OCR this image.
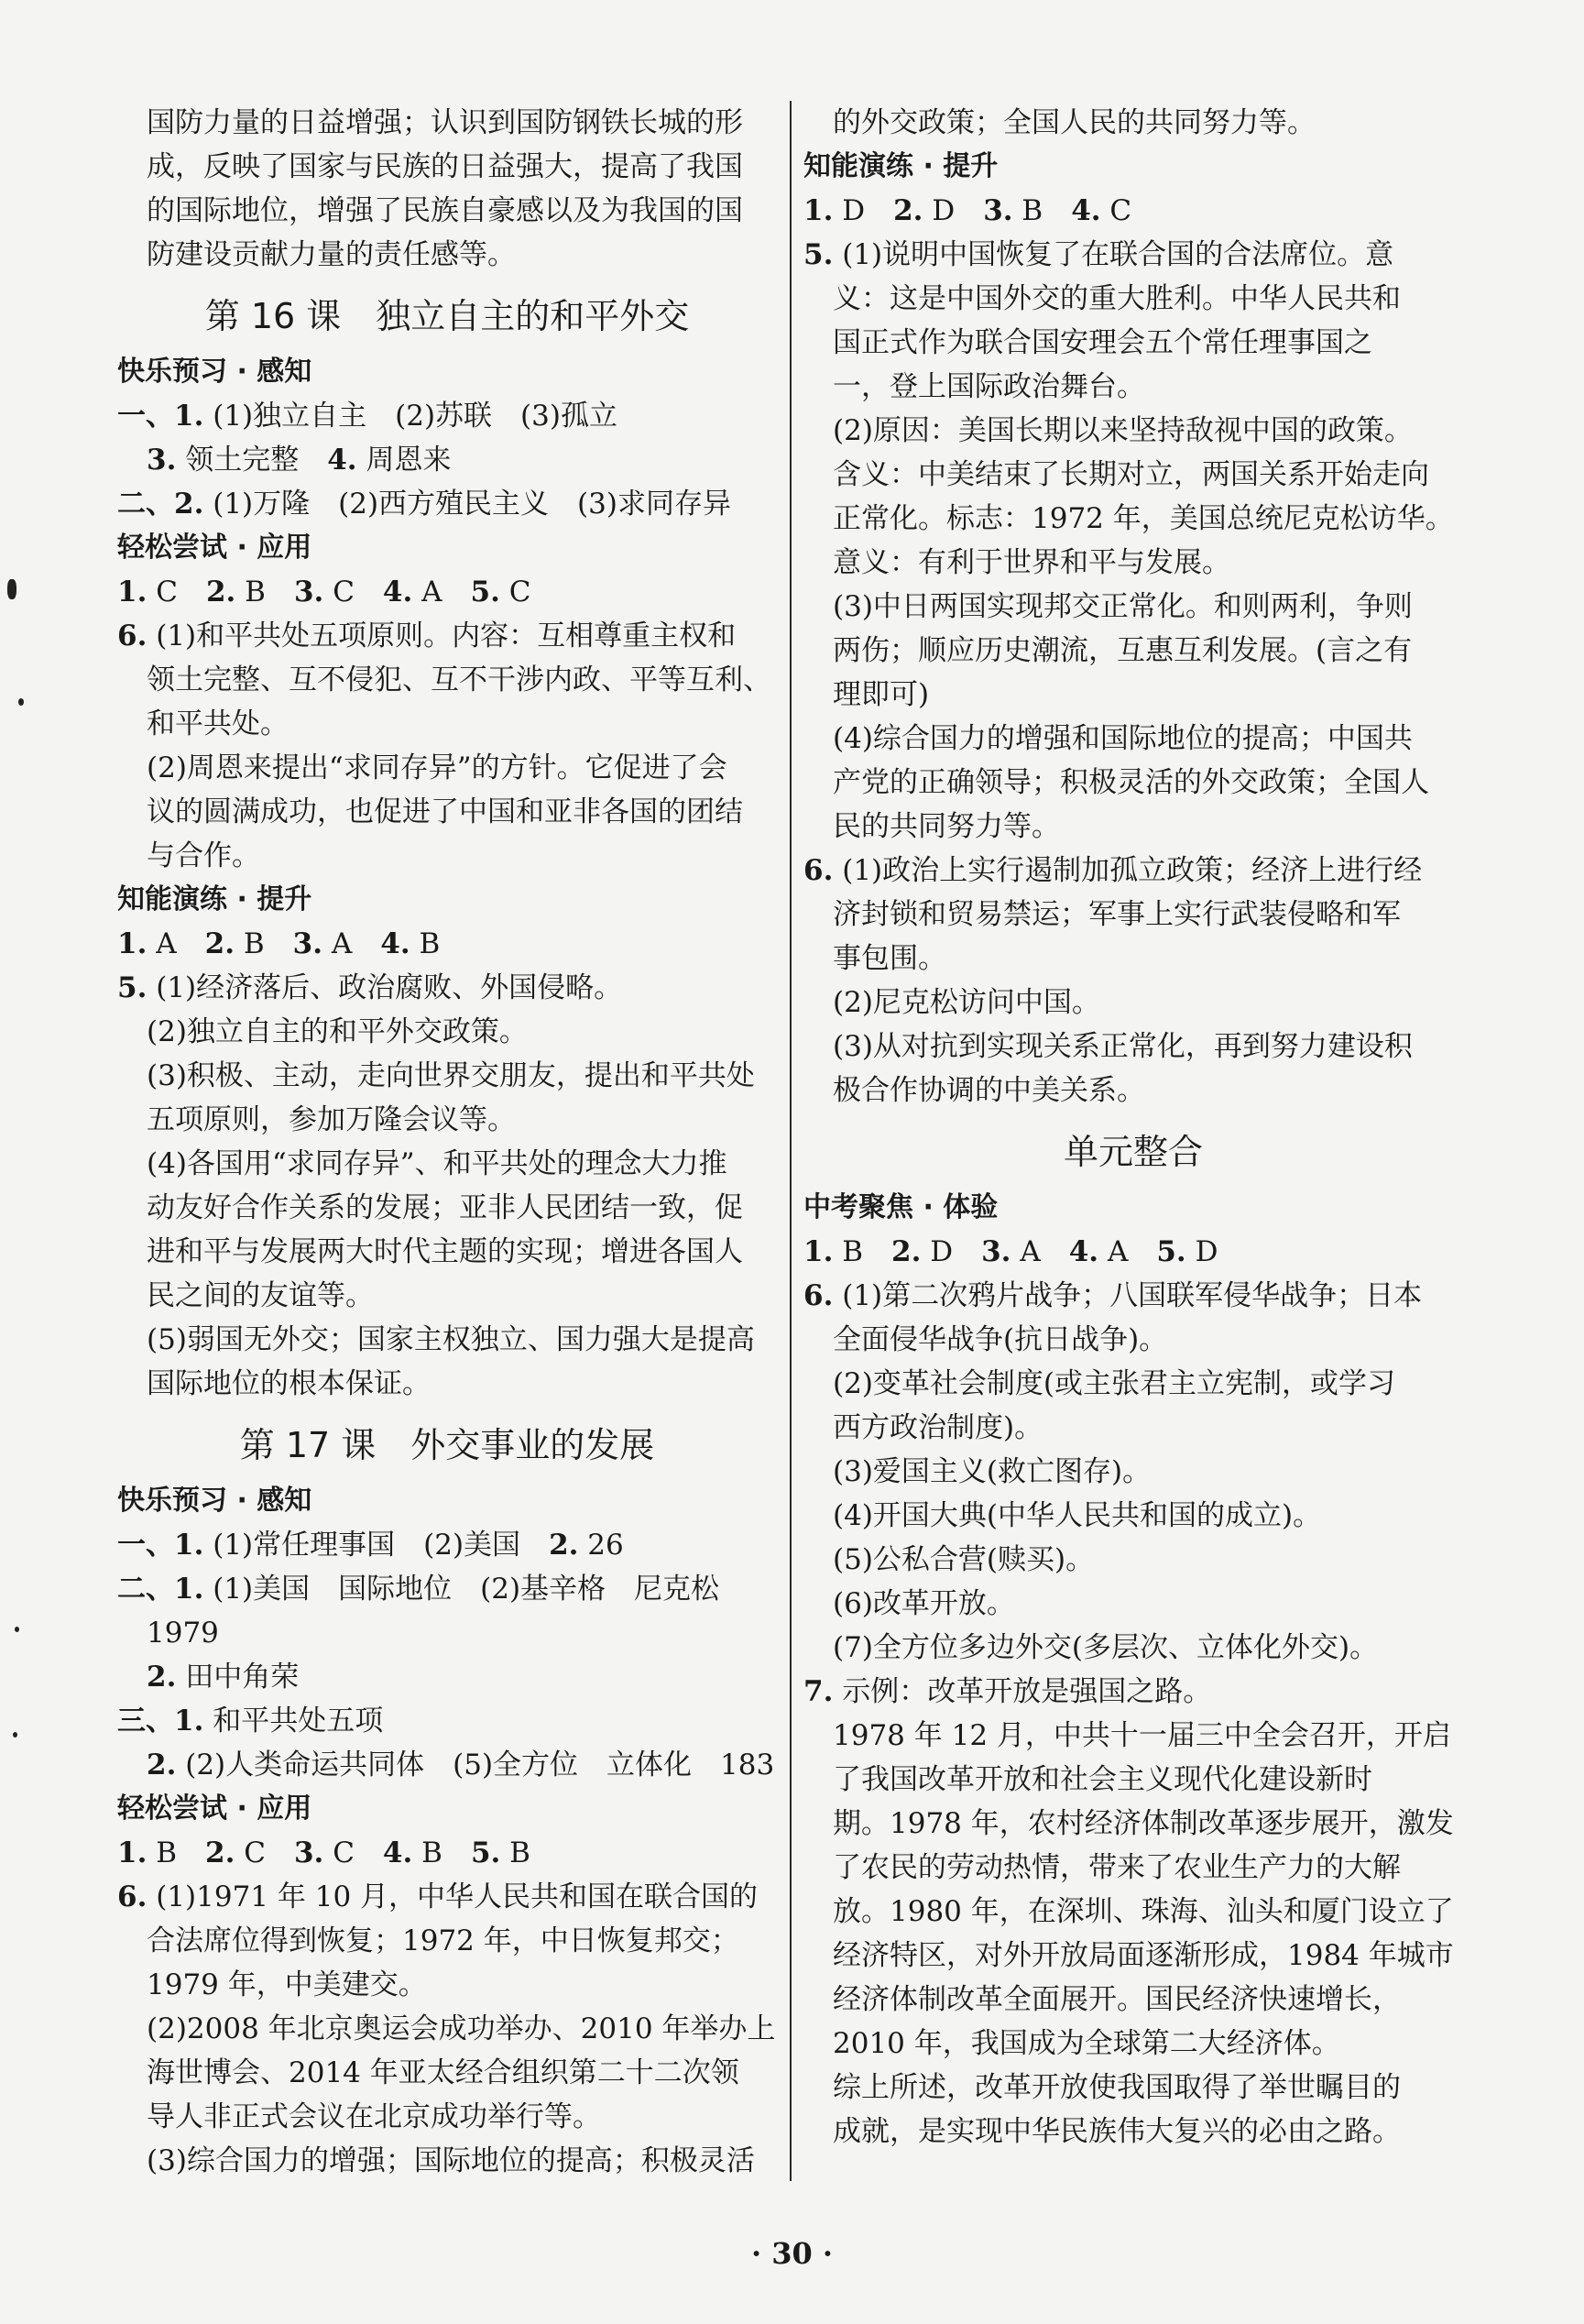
国防力量的日益增强；认识到国防钢铁长城的形
成，反映了国家与民族的日益强大，提高了我国
的国际地位，增强了民族自豪感以及为我国的国
防建设贡献力量的责任感等。
第 16 课　独立自主的和平外交
快乐预习 · 感知
一、1. (1)独立自主　(2)苏联　(3)孤立
3. 领土完整　4. 周恩来
二、2. (1)万隆　(2)西方殖民主义　(3)求同存异
轻松尝试 · 应用
1. C　2. B　3. C　4. A　5. C
6. (1)和平共处五项原则。内容：互相尊重主权和
领土完整、互不侵犯、互不干涉内政、平等互利、
和平共处。
(2)周恩来提出“求同存异”的方针。它促进了会
议的圆满成功，也促进了中国和亚非各国的团结
与合作。
知能演练 · 提升
1. A　2. B　3. A　4. B
5. (1)经济落后、政治腐败、外国侵略。
(2)独立自主的和平外交政策。
(3)积极、主动，走向世界交朋友，提出和平共处
五项原则，参加万隆会议等。
(4)各国用“求同存异”、和平共处的理念大力推
动友好合作关系的发展；亚非人民团结一致，促
进和平与发展两大时代主题的实现；增进各国人
民之间的友谊等。
(5)弱国无外交；国家主权独立、国力强大是提高
国际地位的根本保证。
第 17 课　外交事业的发展
快乐预习 · 感知
一、1. (1)常任理事国　(2)美国　2. 26
二、1. (1)美国　国际地位　(2)基辛格　尼克松
1979
2. 田中角荣
三、1. 和平共处五项
2. (2)人类命运共同体　(5)全方位　立体化　183
轻松尝试 · 应用
1. B　2. C　3. C　4. B　5. B
6. (1)1971 年 10 月，中华人民共和国在联合国的
合法席位得到恢复；1972 年，中日恢复邦交；
1979 年，中美建交。
(2)2008 年北京奥运会成功举办、2010 年举办上
海世博会、2014 年亚太经合组织第二十二次领
导人非正式会议在北京成功举行等。
(3)综合国力的增强；国际地位的提高；积极灵活
的外交政策；全国人民的共同努力等。
知能演练 · 提升
1. D　2. D　3. B　4. C
5. (1)说明中国恢复了在联合国的合法席位。意
义：这是中国外交的重大胜利。中华人民共和
国正式作为联合国安理会五个常任理事国之
一，登上国际政治舞台。
(2)原因：美国长期以来坚持敌视中国的政策。
含义：中美结束了长期对立，两国关系开始走向
正常化。标志：1972 年，美国总统尼克松访华。
意义：有利于世界和平与发展。
(3)中日两国实现邦交正常化。和则两利，争则
两伤；顺应历史潮流，互惠互利发展。(言之有
理即可)
(4)综合国力的增强和国际地位的提高；中国共
产党的正确领导；积极灵活的外交政策；全国人
民的共同努力等。
6. (1)政治上实行遏制加孤立政策；经济上进行经
济封锁和贸易禁运；军事上实行武装侵略和军
事包围。
(2)尼克松访问中国。
(3)从对抗到实现关系正常化，再到努力建设积
极合作协调的中美关系。
单元整合
中考聚焦 · 体验
1. B　2. D　3. A　4. A　5. D
6. (1)第二次鸦片战争；八国联军侵华战争；日本
全面侵华战争(抗日战争)。
(2)变革社会制度(或主张君主立宪制，或学习
西方政治制度)。
(3)爱国主义(救亡图存)。
(4)开国大典(中华人民共和国的成立)。
(5)公私合营(赎买)。
(6)改革开放。
(7)全方位多边外交(多层次、立体化外交)。
7. 示例：改革开放是强国之路。
1978 年 12 月，中共十一届三中全会召开，开启
了我国改革开放和社会主义现代化建设新时
期。1978 年，农村经济体制改革逐步展开，激发
了农民的劳动热情，带来了农业生产力的大解
放。1980 年，在深圳、珠海、汕头和厦门设立了
经济特区，对外开放局面逐渐形成，1984 年城市
经济体制改革全面展开。国民经济快速增长，
2010 年，我国成为全球第二大经济体。
综上所述，改革开放使我国取得了举世瞩目的
成就，是实现中华民族伟大复兴的必由之路。
· 30 ·
